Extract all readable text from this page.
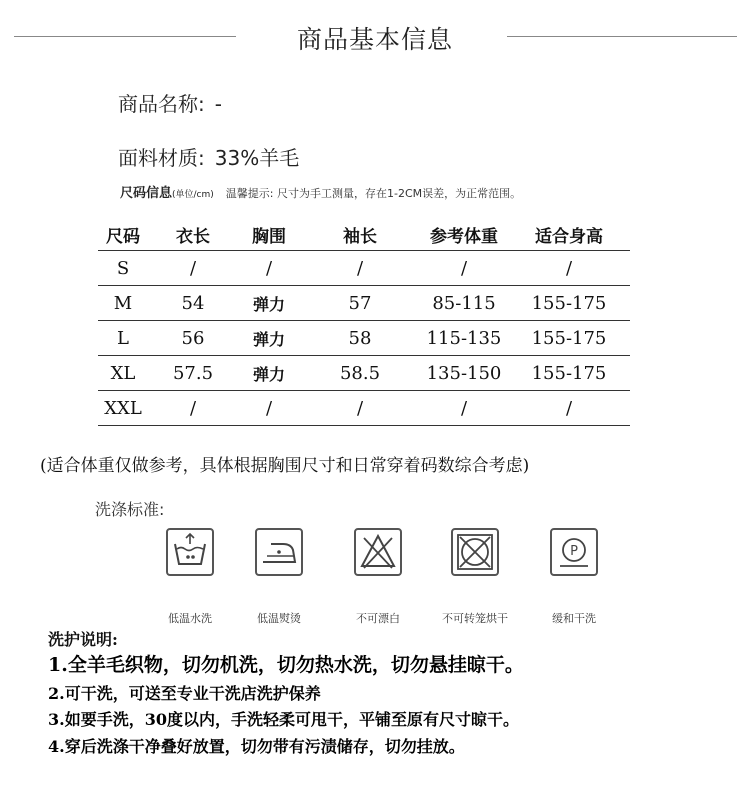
商品基本信息
商品名称: -
面料材质: 33%羊毛
尺码信息(单位/cm) 温馨提示: 尺寸为手工测量，存在1-2CM误差，为正常范围。
尺码	衣长	胸围	袖长	参考体重	适合身高
S	/	/	/	/	/
M	54	弹力	57	85-115	155-175
L	56	弹力	58	115-135	155-175
XL	57.5	弹力	58.5	135-150	155-175
XXL	/	/	/	/	/
(适合体重仅做参考，具体根据胸围尺寸和日常穿着码数综合考虑)
洗涤标准:
低温水洗	低温熨烫	不可漂白	不可转笼烘干
P
缓和干洗
洗护说明:
1.全羊毛织物，切勿机洗，切勿热水洗，切勿悬挂晾干。
2.可干洗，可送至专业干洗店洗护保养
3.如要手洗，30度以内，手洗轻柔可甩干，平铺至原有尺寸晾干。
4.穿后洗涤干净叠好放置，切勿带有污渍储存，切勿挂放。
